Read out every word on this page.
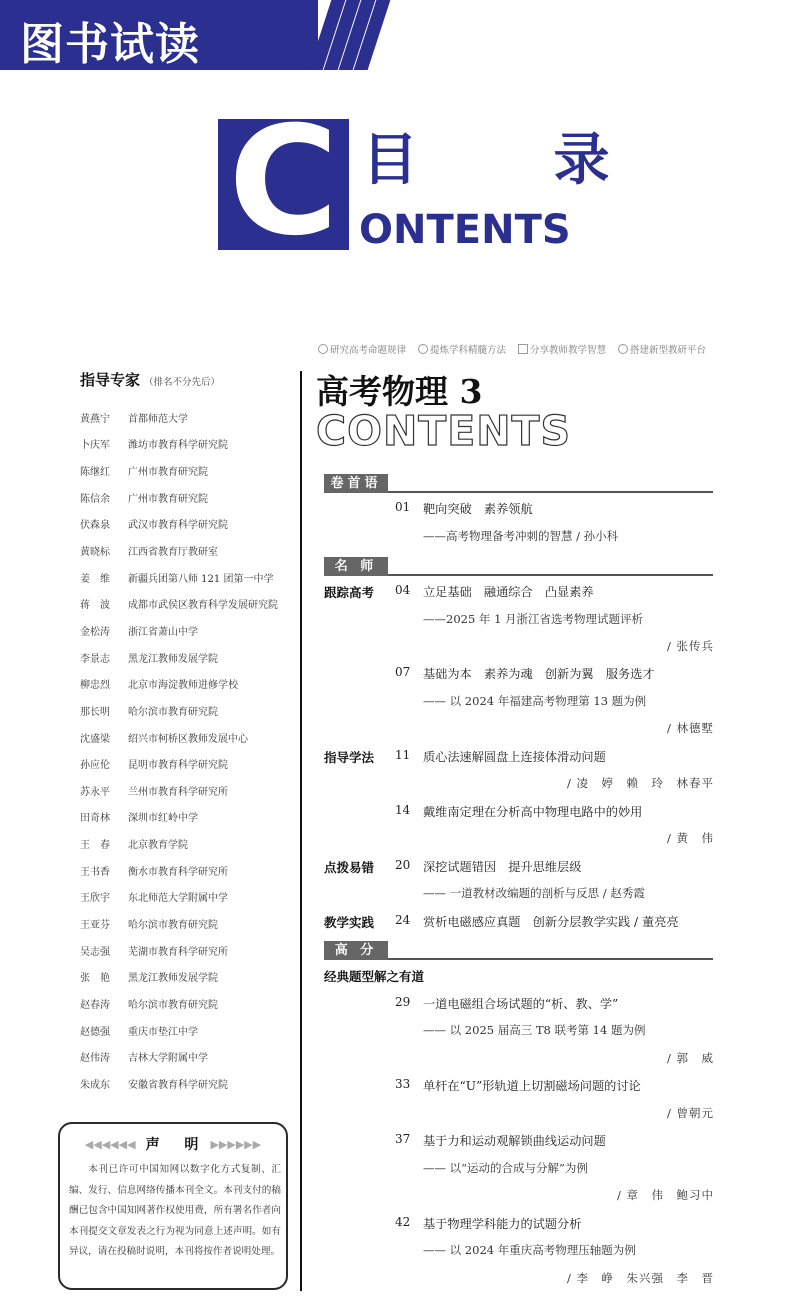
图书试读
C 目 录
ONTENTS
研究高考命题规律	提炼学科精髓方法	分享教师教学智慧	搭建新型教研平台
指导专家 （排名不分先后）
黄燕宁	首都师范大学
卜庆军	潍坊市教育科学研究院
陈继红	广州市教育研究院
陈信余	广州市教育研究院
伏森泉	武汉市教育科学研究院
黄晓标	江西省教育厅教研室
姜　维	新疆兵团第八师 121 团第一中学
蒋　波	成都市武侯区教育科学发展研究院
金松涛	浙江省萧山中学
李景志	黑龙江教师发展学院
柳忠烈	北京市海淀教师进修学校
那长明	哈尔滨市教育研究院
沈盛梁	绍兴市柯桥区教师发展中心
孙应伦	昆明市教育科学研究院
苏永平	兰州市教育科学研究所
田奇林	深圳市红岭中学
王　春	北京教育学院
王书香	衡水市教育科学研究所
王欣宇	东北师范大学附属中学
王亚芬	哈尔滨市教育研究院
吴志强	芜湖市教育科学研究所
张　艳	黑龙江教师发展学院
赵春涛	哈尔滨市教育研究院
赵德强	重庆市垫江中学
赵伟涛	吉林大学附属中学
朱成东	安徽省教育科学研究院
◀◀◀◀◀◀ 声 明 ▶▶▶▶▶▶
本刊已许可中国知网以数字化方式复制、汇编、发行、信息网络传播本刊全文。本刊支付的稿酬已包含中国知网著作权使用费，所有署名作者向本刊提交文章发表之行为视为同意上述声明。如有异议，请在投稿时说明，本刊将按作者说明处理。
高考物理 3
CONTENTS
卷首语
01 靶向突破　素养领航
——高考物理备考冲刺的智慧 / 孙小科
名 师
跟踪高考 04 立足基础　融通综合　凸显素养
——2025 年 1 月浙江省选考物理试题评析
/ 张传兵
07 基础为本　素养为魂　创新为翼　服务选才
—— 以 2024 年福建高考物理第 13 题为例
/ 林德墅
指导学法 11 质心法速解圆盘上连接体滑动问题
/ 凌　婷　赖　玲　林春平
14 戴维南定理在分析高中物理电路中的妙用
/ 黄　伟
点拨易错 20 深挖试题错因　提升思维层级
—— 一道教材改编题的剖析与反思 / 赵秀霞
教学实践 24 赏析电磁感应真题　创新分层教学实践 / 董亮亮
高 分
经典题型解之有道
29 一道电磁组合场试题的“析、教、学”
—— 以 2025 届高三 T8 联考第 14 题为例
/ 郭　威
33 单杆在“U”形轨道上切割磁场问题的讨论
/ 曾朝元
37 基于力和运动观解锁曲线运动问题
—— 以“运动的合成与分解”为例
/ 章　伟　鲍习中
42 基于物理学科能力的试题分析
—— 以 2024 年重庆高考物理压轴题为例
/ 李　峥　朱兴强　李　晋
